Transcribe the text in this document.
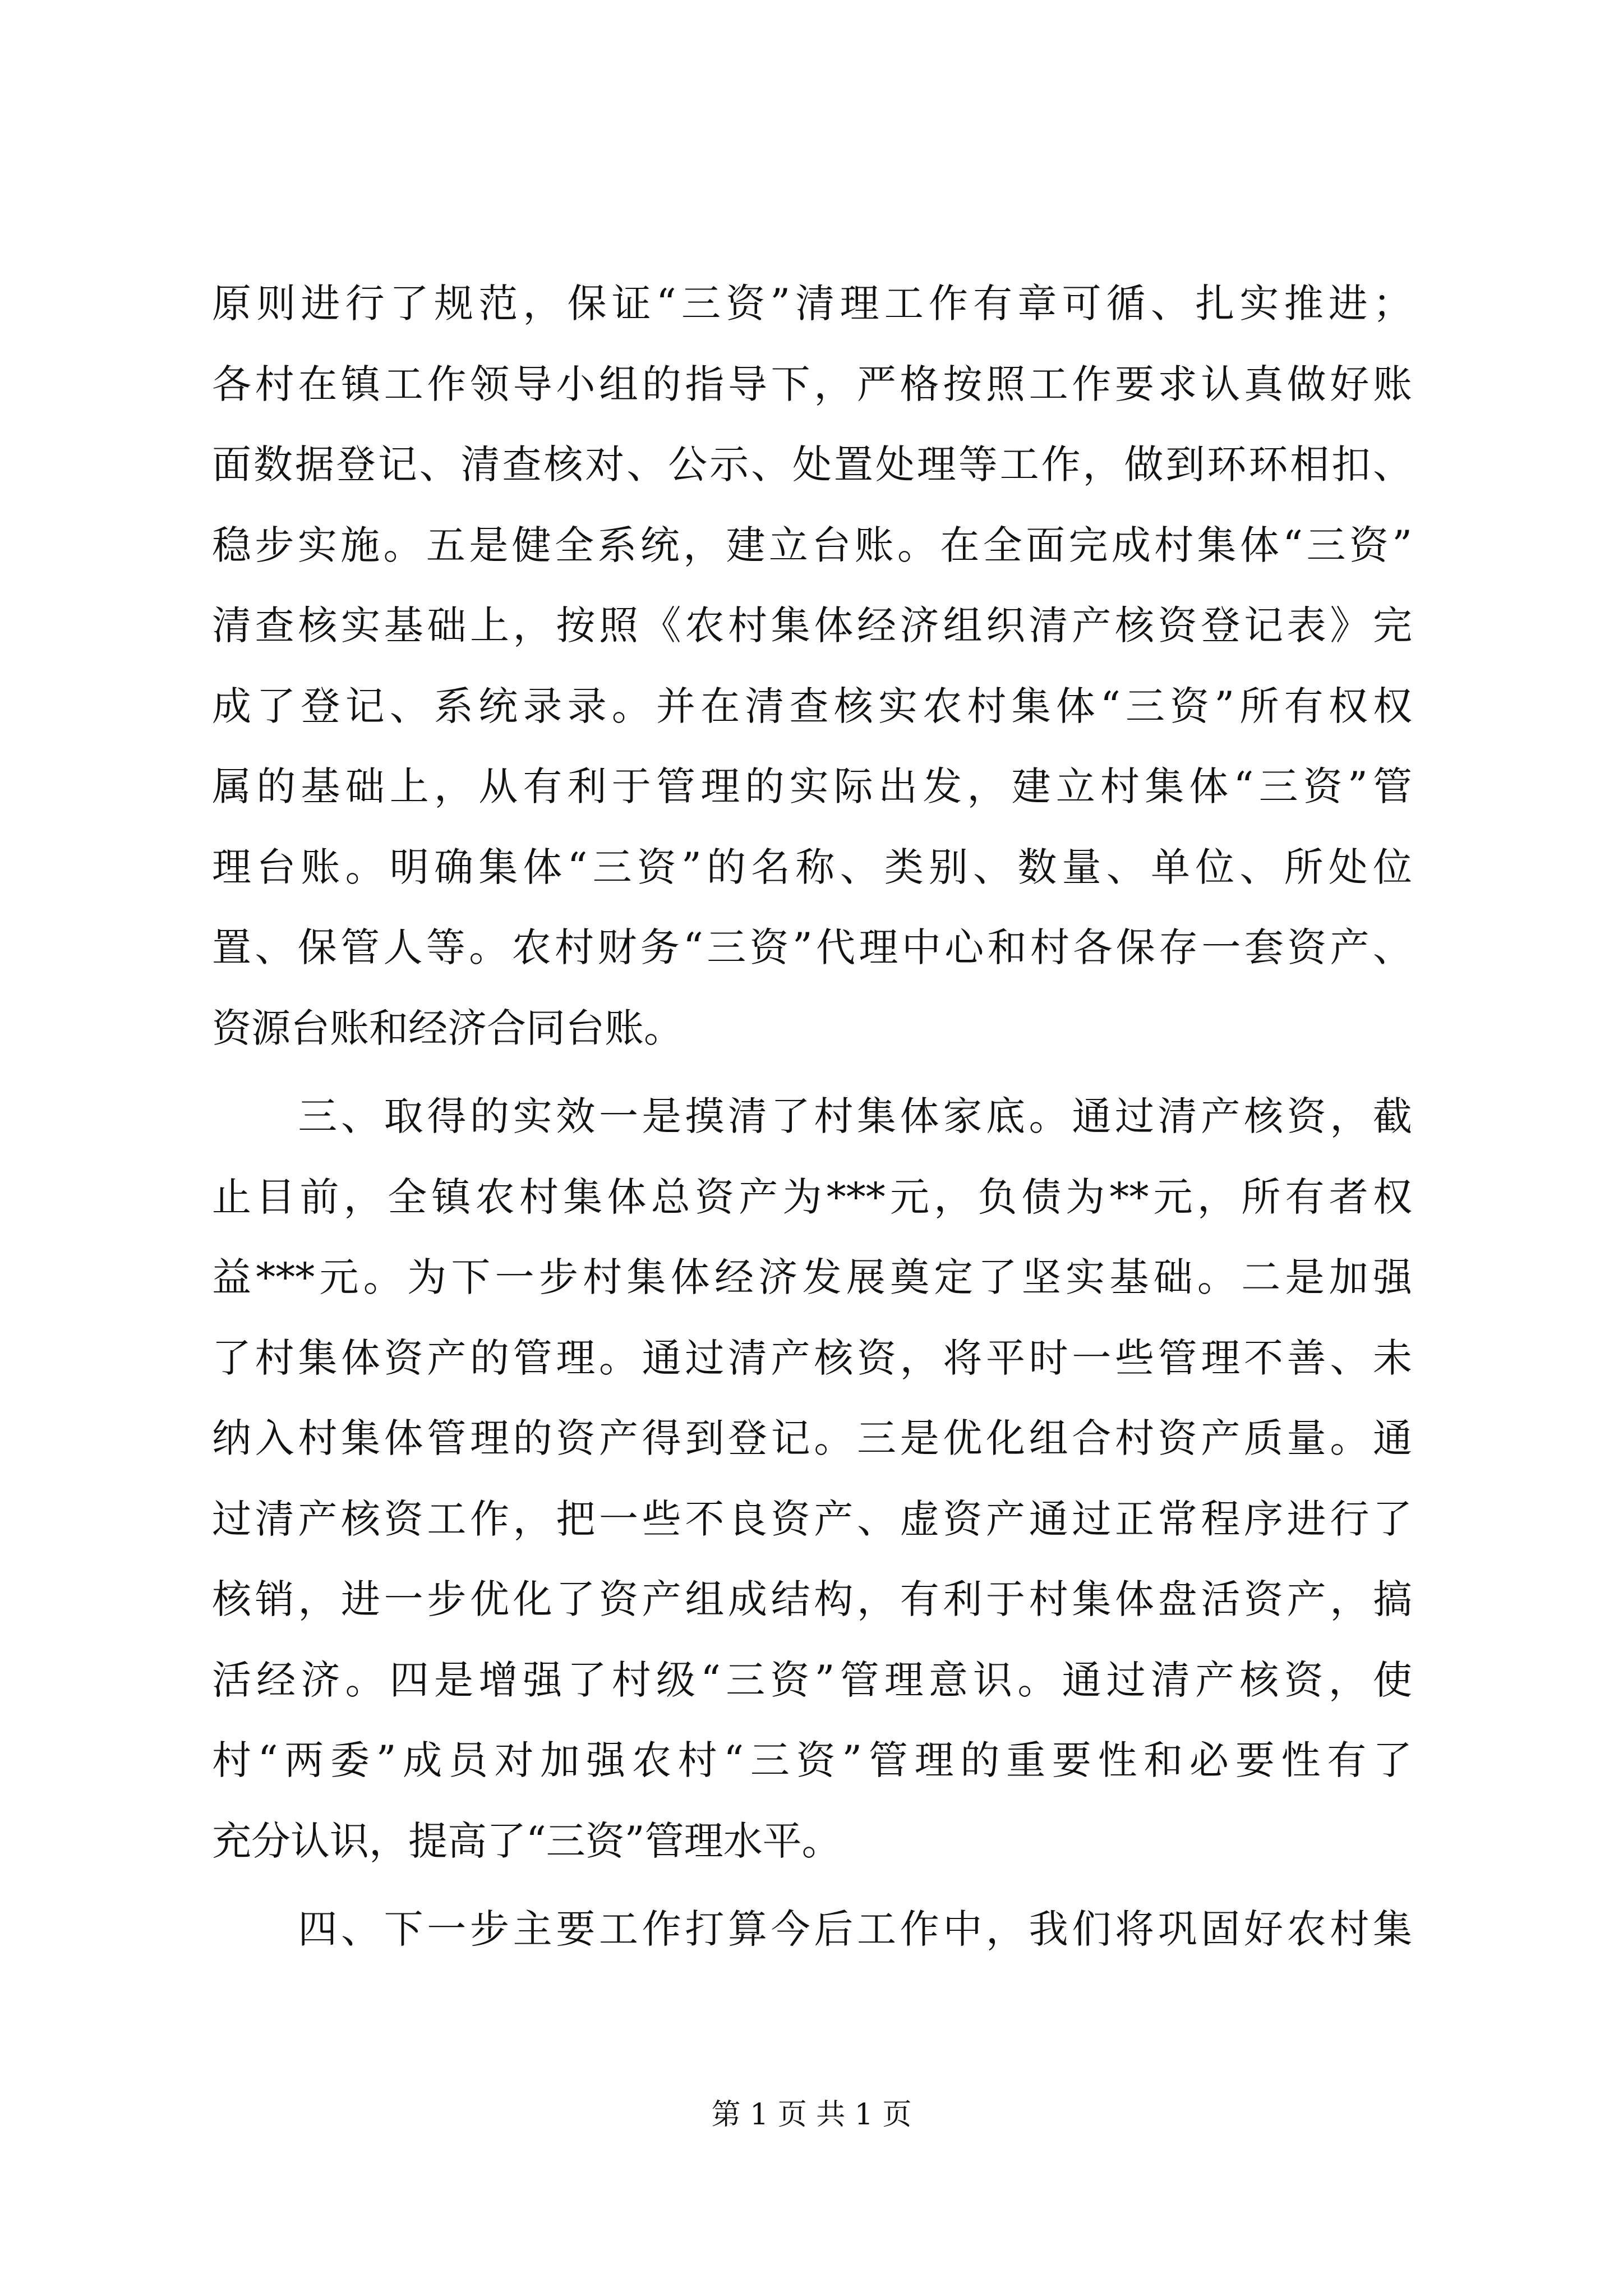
原则进行了规范，保证“三资”清理工作有章可循、扎实推进；
各村在镇工作领导小组的指导下，严格按照工作要求认真做好账
面数据登记、清查核对、公示、处置处理等工作，做到环环相扣、
稳步实施。五是健全系统，建立台账。在全面完成村集体“三资”
清查核实基础上，按照《农村集体经济组织清产核资登记表》完
成了登记、系统录录。并在清查核实农村集体“三资”所有权权
属的基础上，从有利于管理的实际出发，建立村集体“三资”管
理台账。明确集体“三资”的名称、类别、数量、单位、所处位
置、保管人等。农村财务“三资”代理中心和村各保存一套资产、
资源台账和经济合同台账。
　　三、取得的实效一是摸清了村集体家底。通过清产核资，截
止目前，全镇农村集体总资产为***元，负债为**元，所有者权
益***元。为下一步村集体经济发展奠定了坚实基础。二是加强
了村集体资产的管理。通过清产核资，将平时一些管理不善、未
纳入村集体管理的资产得到登记。三是优化组合村资产质量。通
过清产核资工作，把一些不良资产、虚资产通过正常程序进行了
核销，进一步优化了资产组成结构，有利于村集体盘活资产，搞
活经济。四是增强了村级“三资”管理意识。通过清产核资，使
村“两委”成员对加强农村“三资”管理的重要性和必要性有了
充分认识，提高了“三资”管理水平。
　　四、下一步主要工作打算今后工作中，我们将巩固好农村集
第 1 页 共 1 页
